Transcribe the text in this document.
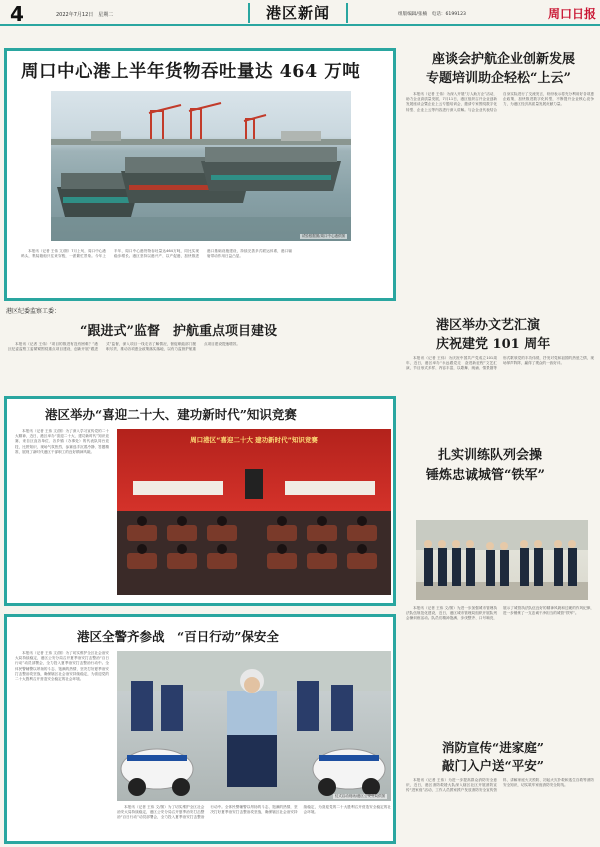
4	2022年7月12日　星期二	港区新闻	组版编辑/张楠　电话：6199123	周口日报
周口中心港上半年货物吞吐量达 464 万吨
试验根据图/周口中心港供图

本报讯（记者 王伟 文/图）7月上旬，周口中心港码头，集装箱船只往来穿梭，一派繁忙景象。今年上半年，周口中心港货物吞吐量达464万吨，同比实现稳步增长。港区坚持以港兴产、以产促港，加快推进港口基础设施建设，持续完善多式联运体系，港口辐射带动作用日益凸显。

座谈会护航企业创新发展
专题培训助企轻松“上云”

本报讯（记者 王伟）为深入开展“万人助万企”活动，助力企业高质量发展，7月11日，港区组织召开企业创新发展座谈会暨企业上云专题培训会，邀请专家围绕数字化转型、企业上云等内容进行深入讲解。与会企业代表结合自身实际进行了交流发言，纷纷表示将充分利用好各项惠企政策，加快推进数字化转型，不断提升企业核心竞争力，为港区经济高质量发展贡献力量。

港区纪委监察工委：
“跟进式”监督　护航重点项目建设

本报讯（记者 王伟）“项目的推进有没有困难？”港区纪委监察工委紧紧围绕重点项目建设，创新开展“跟进式”监督，深入项目一线走访了解情况，督促职能部门履职尽责，推动各项惠企政策落实落地，以有力监督护航重点项目建设提速增效。

港区举办文艺汇演
庆祝建党 101 周年

本报讯（记者 王伟）为庆祝中国共产党成立101周年，近日，港区举办“永远跟党走　奋进新征程”文艺汇演，节目形式多样、内容丰富，以歌舞、朗诵、情景剧等形式歌颂党的丰功伟绩，抒发对党和祖国的热爱之情，现场掌声阵阵，赢得了观众的一致好评。

港区举办“喜迎二十大、建功新时代”知识竞赛

本报讯（记者 王伟 文/图）为了深入学习宣传党的二十大精神，近日，港区举办“喜迎二十大、建功新时代”知识竞赛，来自区直各单位、各乡镇（办事处）的代表队同台竞技，比拼知识，现场气氛热烈，参赛选手沉着冷静、答题精准，展现了新时代港区干部职工的良好精神风貌。

周口港区“喜迎二十大 建功新时代”知识竞赛
扎实训练队列会操
锤炼忠诚城管“铁军”

本报讯（记者 王伟 文/图）为进一步加强城市管理执法队伍规范化建设，近日，港区城市管理局组织开展队列会操训练活动。队员们精神饱满、步伐整齐、口号响亮，展示了城管执法队伍良好的精神风貌和过硬的作风纪律，进一步锤炼了一支忠诚干净担当的城管“铁军”。

港区全警齐参战　“百日行动”保安全

本报讯（记者 王伟 文/图）为了切实维护全区社会治安大局持续稳定，港区公安分局召开夏季治安打击整治“百日行动”动员部署会，全力投入夏季治安打击整治行动中。全体民警辅警以昂扬的斗志、饱满的热情，坚决打好夏季治安打击整治攻坚战，确保辖区社会治安持续稳定，为喜迎党的二十大胜利召开营造安全稳定的社会环境。

仪式启动现场/港区公安分局供图

本报讯（记者 王伟 文/图）为了切实维护全区社会治安大局持续稳定，港区公安分局召开夏季治安打击整治“百日行动”动员部署会，全力投入夏季治安打击整治行动中。全体民警辅警以昂扬的斗志、饱满的热情，坚决打好夏季治安打击整治攻坚战，确保辖区社会治安持续稳定，为喜迎党的二十大胜利召开营造安全稳定的社会环境。

消防宣传“进家庭”
敲门入户送“平安”

本报讯（记者 王伟）为进一步提高群众消防安全意识，近日，港区消防救援大队深入辖区社区开展消防宣传“进家庭”活动，工作人员挨家挨户发放消防安全宣传资料，讲解家庭火灾预防、初起火灾扑救和逃生自救等消防安全知识，切实筑牢家庭消防安全防线。
